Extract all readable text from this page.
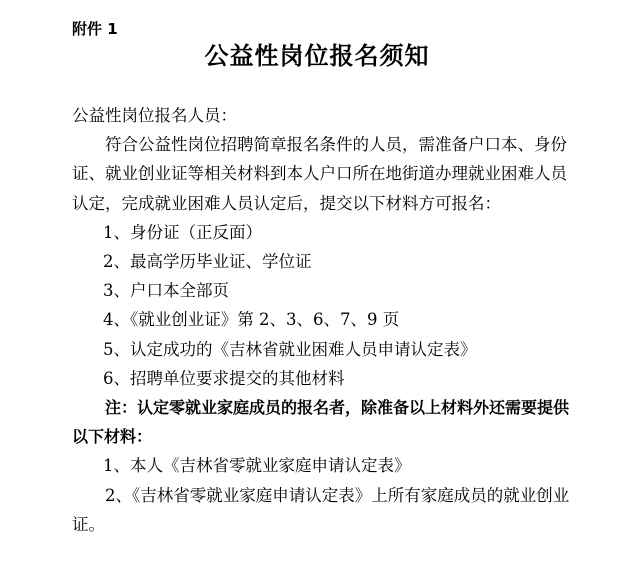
附件 1
公益性岗位报名须知

公益性岗位报名人员：

符合公益性岗位招聘简章报名条件的人员，需准备户口本、身份证、就业创业证等相关材料到本人户口所在地街道办理就业困难人员认定，完成就业困难人员认定后，提交以下材料方可报名：

1、身份证（正反面）

2、最高学历毕业证、学位证

3、户口本全部页

4、《就业创业证》第 2、3、6、7、9 页

5、认定成功的《吉林省就业困难人员申请认定表》

6、招聘单位要求提交的其他材料

注：认定零就业家庭成员的报名者，除准备以上材料外还需要提供以下材料：

1、本人《吉林省零就业家庭申请认定表》

2、《吉林省零就业家庭申请认定表》上所有家庭成员的就业创业证。
